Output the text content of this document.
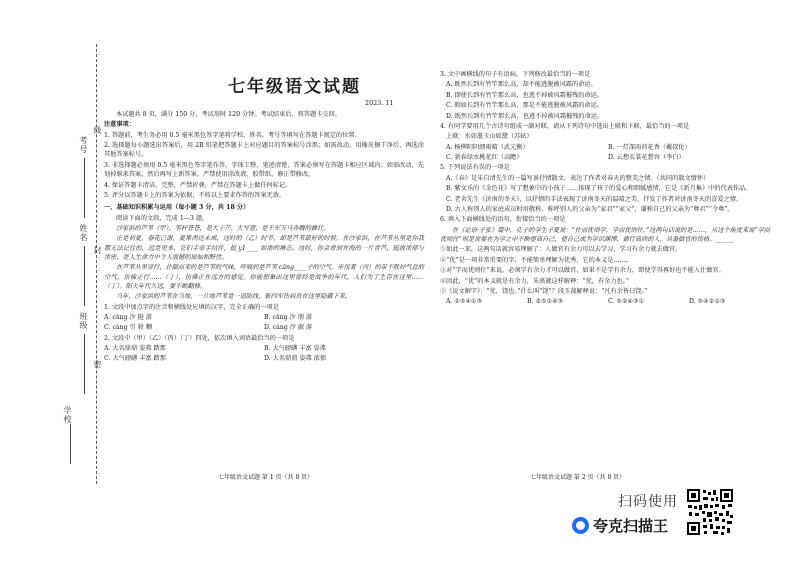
考号
线
姓名
封
班级
密
学校
七年级语文试题
2023. 11

本试题共 8 页，满分 150 分，考试用时 120 分钟。考试结束后，将答题卡交回。

注意事项：

1. 答题前，考生务必用 0.5 毫米黑色签字笔将学校、姓名、考号等填写在答题卡规定的位置。

2. 选择题每小题选出答案后，用 2B 铅笔把答题卡上对应题目的答案标号涂黑；如需改动，用橡皮擦干净后，再选涂其他答案标号。

3. 非选择题必须用 0.5 毫米黑色签字笔作答，字体工整、笔迹清楚，答案必须写在答题卡相应区域内；如需改动，先划掉原来答案，然后再写上新答案。严禁使用涂改液、胶带纸、修正带修改。

4. 保证答题卡清洁、完整，严禁折叠，严禁在答题卡上做任何标记。

5. 评分以答题卡上的答案为依据，不按以上要求作答的答案无效。

一、基础知识积累与运用（每小题 3 分，共 18 分）

阅读下面的文段，完成 1—3 题。

沙家浜的芦苇（甲），苇杆苍苍，是大于芒、大写意，是千军万马奔腾的雄壮。

正是初夏，春花已谢，夏果尚还未成，这时的（乙）时节，却是芦苇最好的时候。在沙家浜，在芦苇丛里是你我都无法记住的，远是更多，它们手牵手结伴，挺 y1____ 如浙的塘态。这时，你会看到在海的一片青芦，挺拔浓郁与浓密，是人生命力中令人震撼的原始和野性。

在芦苇丛里穿行，扑面而来的是芦苇的气味，呼吸的是芦苇 cāng____子的空气。步伐着（丙）的带不胜好气息的空气，仿佛正行……（丁），仿佛正在远方的感觉。你能想象出这里曾经是战争的年代，人们为了生存在这里……（丁）。阳关年代久远，要不断翻修。

当年，沙家浜的芦苇在当地，一片地芦苇是一道防线，新四军伤病员在这里隐藏下来。

1. 文段中加点字的注音和横线处应填的汉字，完全正确的一项是

A. cāng 汐 挺 游	B. cāng 汐 朋 游
C. cáng 引 骏 糊	D. cáng 汐 溆 游

2. 文段中（甲）（乙）（丙）（丁）四处，依次填入词语最恰当的一项是

A. 大名鼎鼎 姿弗 踏那	B. 大气磅礴 丰富 姿弗
C. 大气磅礴 丰富 踏那	D. 大名鼎鼎 姿弗 浓郁
七年级语文试题 第 1 页（共 8 页）

3. 文中画横线的句子有语病，下列修改最恰当的一项是

A. 既然长到有竹竿那么高，却不能逃脱被风霜的命运。

B. 即使长到有竹竿那么高，也逃不掉被风霜摧残的命运。

C. 假如长到有竹竿那么高，那是不能逃脱被风霜的命运。

D. 既然长到有竹竿那么高，也逃不掉被风霜摧残的命运。

4. 有同学要用几个古诗句组成一副对联，请从下列诗句中选出上联和下联，最恰当的一项是

上联：水如墨玉山如黛（苏轼）

A. 杨柳阴阴细雨晴（武元衡）	B. 一灯深雨荷花香（戴叔伦）
C. 新春绿水桃花红（高瞻）	D. 云想衣裳花想容（李白）

5. 下列说法有误的一项是

A.《春》是朱自清先生的一篇写景抒情散文，表达了作者对春天的赞美之情。（共同的散文情怀）

B. 紫文乐的《金色花》写了想象中的小孩子……体现了孩子的爱心和细腻感情，它是《新月集》中的代表作品。

C. 老舍先生《济南的冬天》，以抒情的手法表现了济南冬天的温晴之美，抒发了作者对济南冬天的喜爱之情。

D. 古人称别人的家庭成员时用敬称，称呼别人的父亲为“家君”“家父”，谦称自己的父亲为“尊君”“令尊”。

6. 填入下面横线处的语句，衔接恰当的一项是

在《论语·子张》篇中，孔子的学生子夏说：“仕而优则学，学而优则仕。”这两句话说的是……，从这个角度来说“学而优则仕”则是说要在为学之中不断提高自己，使自己成为学识渊博、德行高尚的人，具备做官的资格。______

①如此一来，这两句话就容易理解了：人做官有余力可以去学习，学习有余力就去做官。

②“优”是一项非常重要的字，不能简单理解为优秀，它的本义是……。

③对“学而优则仕”来说，必须学有余力才可以做官，如果不是学有余力，即使学得再好也不能入仕做官。

④因此，“优”的本义就是有余力，朱熹就这样解释：“优，有余力也。”

⑤《说文解字》：“优，饶也。”什么叫“饶”？段玉裁解释说：“凡有余皆曰饶。”

A. ②⑤④①③	B. ②⑤①④③	C. ⑤②④③①	D. ⑤④②①③
七年级语文试题 第 2 页（共 8 页）
扫码使用
夸克扫描王
